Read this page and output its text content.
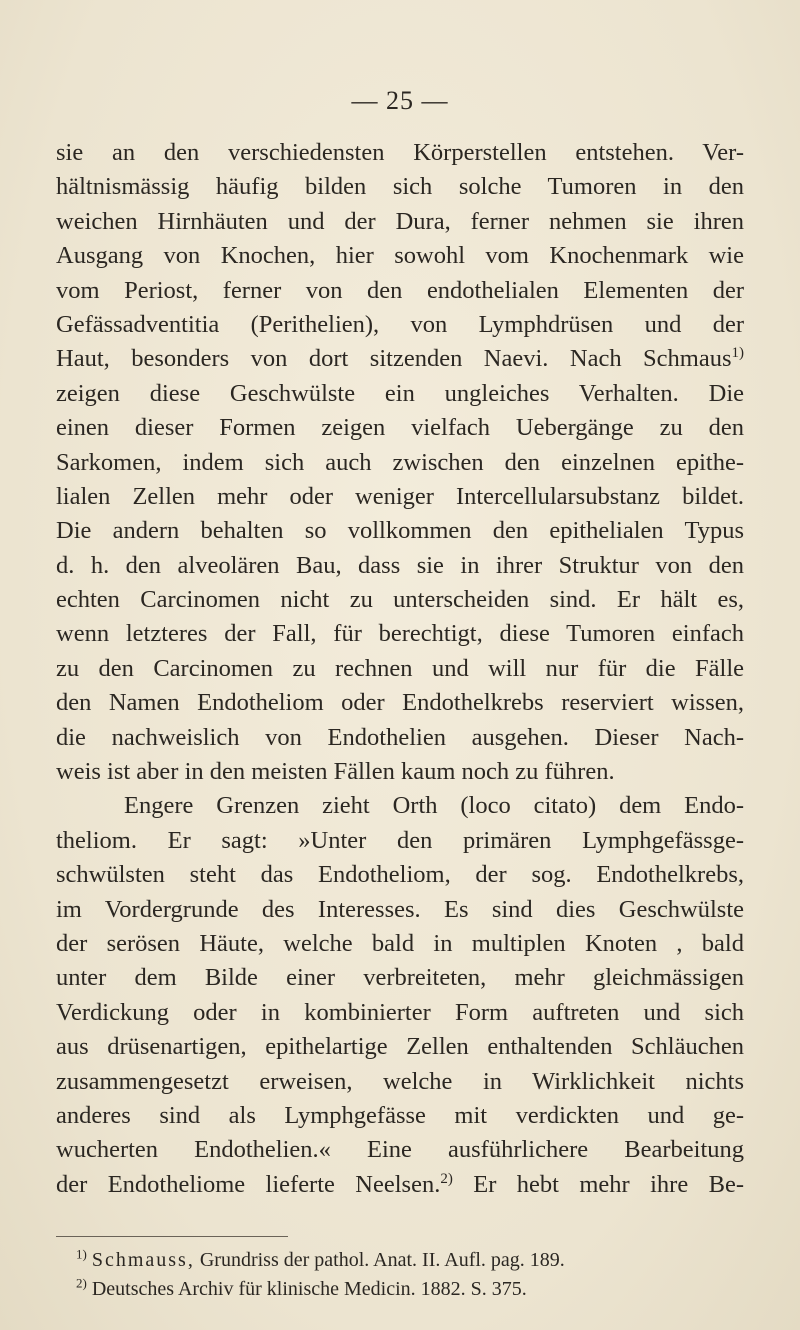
— 25 —
sie an den verschiedensten Körperstellen entstehen. Ver-
hältnismässig häufig bilden sich solche Tumoren in den
weichen Hirnhäuten und der Dura, ferner nehmen sie ihren
Ausgang von Knochen, hier sowohl vom Knochenmark wie
vom Periost, ferner von den endothelialen Elementen der
Gefässadventitia (Perithelien), von Lymphdrüsen und der
Haut, besonders von dort sitzenden Naevi. Nach Schmaus$^{1)}$
zeigen diese Geschwülste ein ungleiches Verhalten. Die
einen dieser Formen zeigen vielfach Uebergänge zu den
Sarkomen, indem sich auch zwischen den einzelnen epithe-
lialen Zellen mehr oder weniger Intercellularsubstanz bildet.
Die andern behalten so vollkommen den epithelialen Typus
d. h. den alveolären Bau, dass sie in ihrer Struktur von den
echten Carcinomen nicht zu unterscheiden sind. Er hält es,
wenn letzteres der Fall, für berechtigt, diese Tumoren einfach
zu den Carcinomen zu rechnen und will nur für die Fälle
den Namen Endotheliom oder Endothelkrebs reserviert wissen,
die nachweislich von Endothelien ausgehen. Dieser Nach-
weis ist aber in den meisten Fällen kaum noch zu führen.
Engere Grenzen zieht Orth (loco citato) dem Endo-
theliom. Er sagt: »Unter den primären Lymphgefässge-
schwülsten steht das Endotheliom, der sog. Endothelkrebs,
im Vordergrunde des Interesses. Es sind dies Geschwülste
der serösen Häute, welche bald in multiplen Knoten , bald
unter dem Bilde einer verbreiteten, mehr gleichmässigen
Verdickung oder in kombinierter Form auftreten und sich
aus drüsenartigen, epithelartige Zellen enthaltenden Schläuchen
zusammengesetzt erweisen, welche in Wirklichkeit nichts
anderes sind als Lymphgefässe mit verdickten und ge-
wucherten Endothelien.« Eine ausführlichere Bearbeitung
der Endotheliome lieferte Neelsen.$^{2)}$ Er hebt mehr ihre Be-
$^{1)}$ Schmauss, Grundriss der pathol. Anat. II. Aufl. pag. 189.
$^{2)}$ Deutsches Archiv für klinische Medicin. 1882. S. 375.
